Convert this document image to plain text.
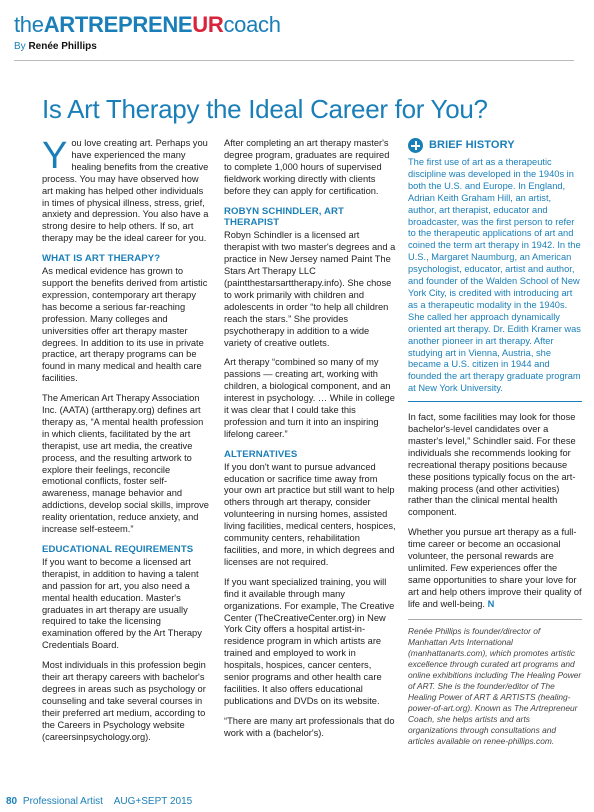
theARTREPRENEURcoach
By Renée Phillips
Is Art Therapy the Ideal Career for You?

You love creating art. Perhaps you have experienced the many healing benefits from the creative process. You may have observed how art making has helped other individuals in times of physical illness, stress, grief, anxiety and depression. You also have a strong desire to help others. If so, art therapy may be the ideal career for you.

WHAT IS ART THERAPY?

As medical evidence has grown to support the benefits derived from artistic expression, contemporary art therapy has become a serious far-reaching profession. Many colleges and universities offer art therapy master degrees. In addition to its use in private practice, art therapy programs can be found in many medical and health care facilities.

The American Art Therapy Association Inc. (AATA) (arttherapy.org) defines art therapy as, “A mental health profession in which clients, facilitated by the art therapist, use art media, the creative process, and the resulting artwork to explore their feelings, reconcile emotional conflicts, foster self-awareness, manage behavior and addictions, develop social skills, improve reality orientation, reduce anxiety, and increase self-esteem.”

EDUCATIONAL REQUIREMENTS

If you want to become a licensed art therapist, in addition to having a talent and passion for art, you also need a mental health education. Master's graduates in art therapy are usually required to take the licensing examination offered by the Art Therapy Credentials Board.

Most individuals in this profession begin their art therapy careers with bachelor's degrees in areas such as psychology or counseling and take several courses in their preferred art medium, according to the Careers in Psychology website (careersinpsychology.org).

After completing an art therapy master's degree program, graduates are required to complete 1,000 hours of supervised fieldwork working directly with clients before they can apply for certification.

ROBYN SCHINDLER, ART THERAPIST

Robyn Schindler is a licensed art therapist with two master's degrees and a practice in New Jersey named Paint The Stars Art Therapy LLC (paintthestarsarttherapy.info). She chose to work primarily with children and adolescents in order “to help all children reach the stars.” She provides psychotherapy in addition to a wide variety of creative outlets.

Art therapy “combined so many of my passions — creating art, working with children, a biological component, and an interest in psychology. … While in college it was clear that I could take this profession and turn it into an inspiring lifelong career.”

ALTERNATIVES

If you don't want to pursue advanced education or sacrifice time away from your own art practice but still want to help others through art therapy, consider volunteering in nursing homes, assisted living facilities, medical centers, hospices, community centers, rehabilitation facilities, and more, in which degrees and licenses are not required.

If you want specialized training, you will find it available through many organizations. For example, The Creative Center (TheCreativeCenter.org) in New York City offers a hospital artist-in-residence program in which artists are trained and employed to work in hospitals, hospices, cancer centers, senior programs and other health care facilities. It also offers educational publications and DVDs on its website.

“There are many art professionals that do work with a (bachelor's).

BRIEF HISTORY
The first use of art as a therapeutic discipline was developed in the 1940s in both the U.S. and Europe. In England, Adrian Keith Graham Hill, an artist, author, art therapist, educator and broadcaster, was the first person to refer to the therapeutic applications of art and coined the term art therapy in 1942. In the U.S., Margaret Naumburg, an American psychologist, educator, artist and author, and founder of the Walden School of New York City, is credited with introducing art as a therapeutic modality in the 1940s. She called her approach dynamically oriented art therapy. Dr. Edith Kramer was another pioneer in art therapy. After studying art in Vienna, Austria, she became a U.S. citizen in 1944 and founded the art therapy graduate program at New York University.

In fact, some facilities may look for those bachelor's-level candidates over a master's level,” Schindler said. For these individuals she recommends looking for recreational therapy positions because these positions typically focus on the art-making process (and other activities) rather than the clinical mental health component.

Whether you pursue art therapy as a full-time career or become an occasional volunteer, the personal rewards are unlimited. Few experiences offer the same opportunities to share your love for art and help others improve their quality of life and well-being. N

Renée Phillips is founder/director of Manhattan Arts International (manhattanarts.com), which promotes artistic excellence through curated art programs and online exhibitions including The Healing Power of ART. She is the founder/editor of The Healing Power of ART & ARTISTS (healing-power-of-art.org). Known as The Artrepreneur Coach, she helps artists and arts organizations through consultations and articles available on renee-phillips.com.
80 Professional Artist AUG+SEPT 2015
